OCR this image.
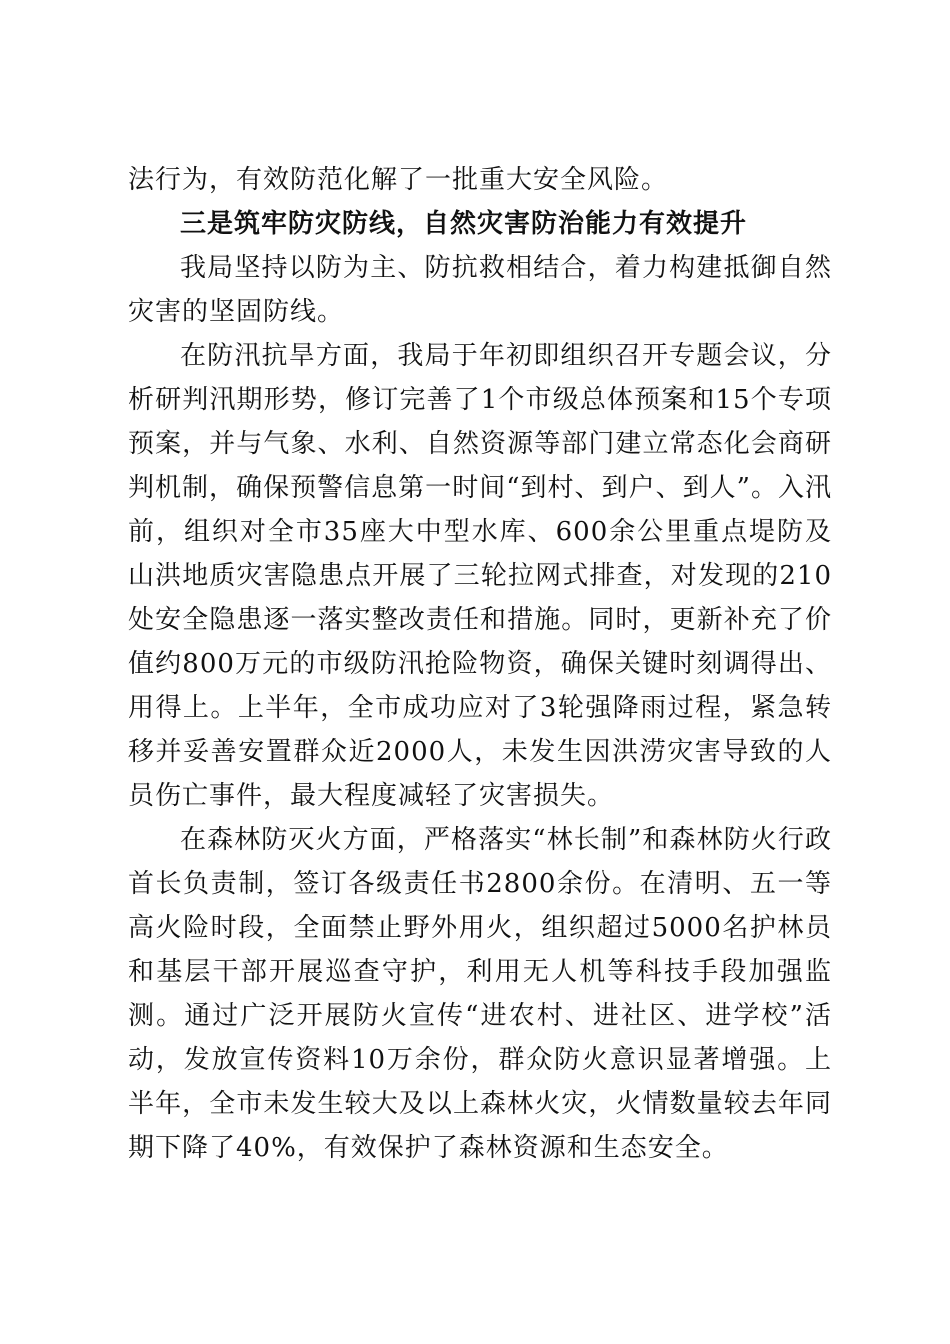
法行为，有效防范化解了一批重大安全风险。

三是筑牢防灾防线，自然灾害防治能力有效提升

我局坚持以防为主、防抗救相结合，着力构建抵御自然灾害的坚固防线。

在防汛抗旱方面，我局于年初即组织召开专题会议，分析研判汛期形势，修订完善了1个市级总体预案和15个专项预案，并与气象、水利、自然资源等部门建立常态化会商研判机制，确保预警信息第一时间“到村、到户、到人”。入汛前，组织对全市35座大中型水库、600余公里重点堤防及山洪地质灾害隐患点开展了三轮拉网式排查，对发现的210处安全隐患逐一落实整改责任和措施。同时，更新补充了价值约800万元的市级防汛抢险物资，确保关键时刻调得出、用得上。上半年，全市成功应对了3轮强降雨过程，紧急转移并妥善安置群众近2000人，未发生因洪涝灾害导致的人员伤亡事件，最大程度减轻了灾害损失。

在森林防灭火方面，严格落实“林长制”和森林防火行政首长负责制，签订各级责任书2800余份。在清明、五一等高火险时段，全面禁止野外用火，组织超过5000名护林员和基层干部开展巡查守护，利用无人机等科技手段加强监测。通过广泛开展防火宣传“进农村、进社区、进学校”活动，发放宣传资料10万余份，群众防火意识显著增强。上半年，全市未发生较大及以上森林火灾，火情数量较去年同期下降了40%，有效保护了森林资源和生态安全。
